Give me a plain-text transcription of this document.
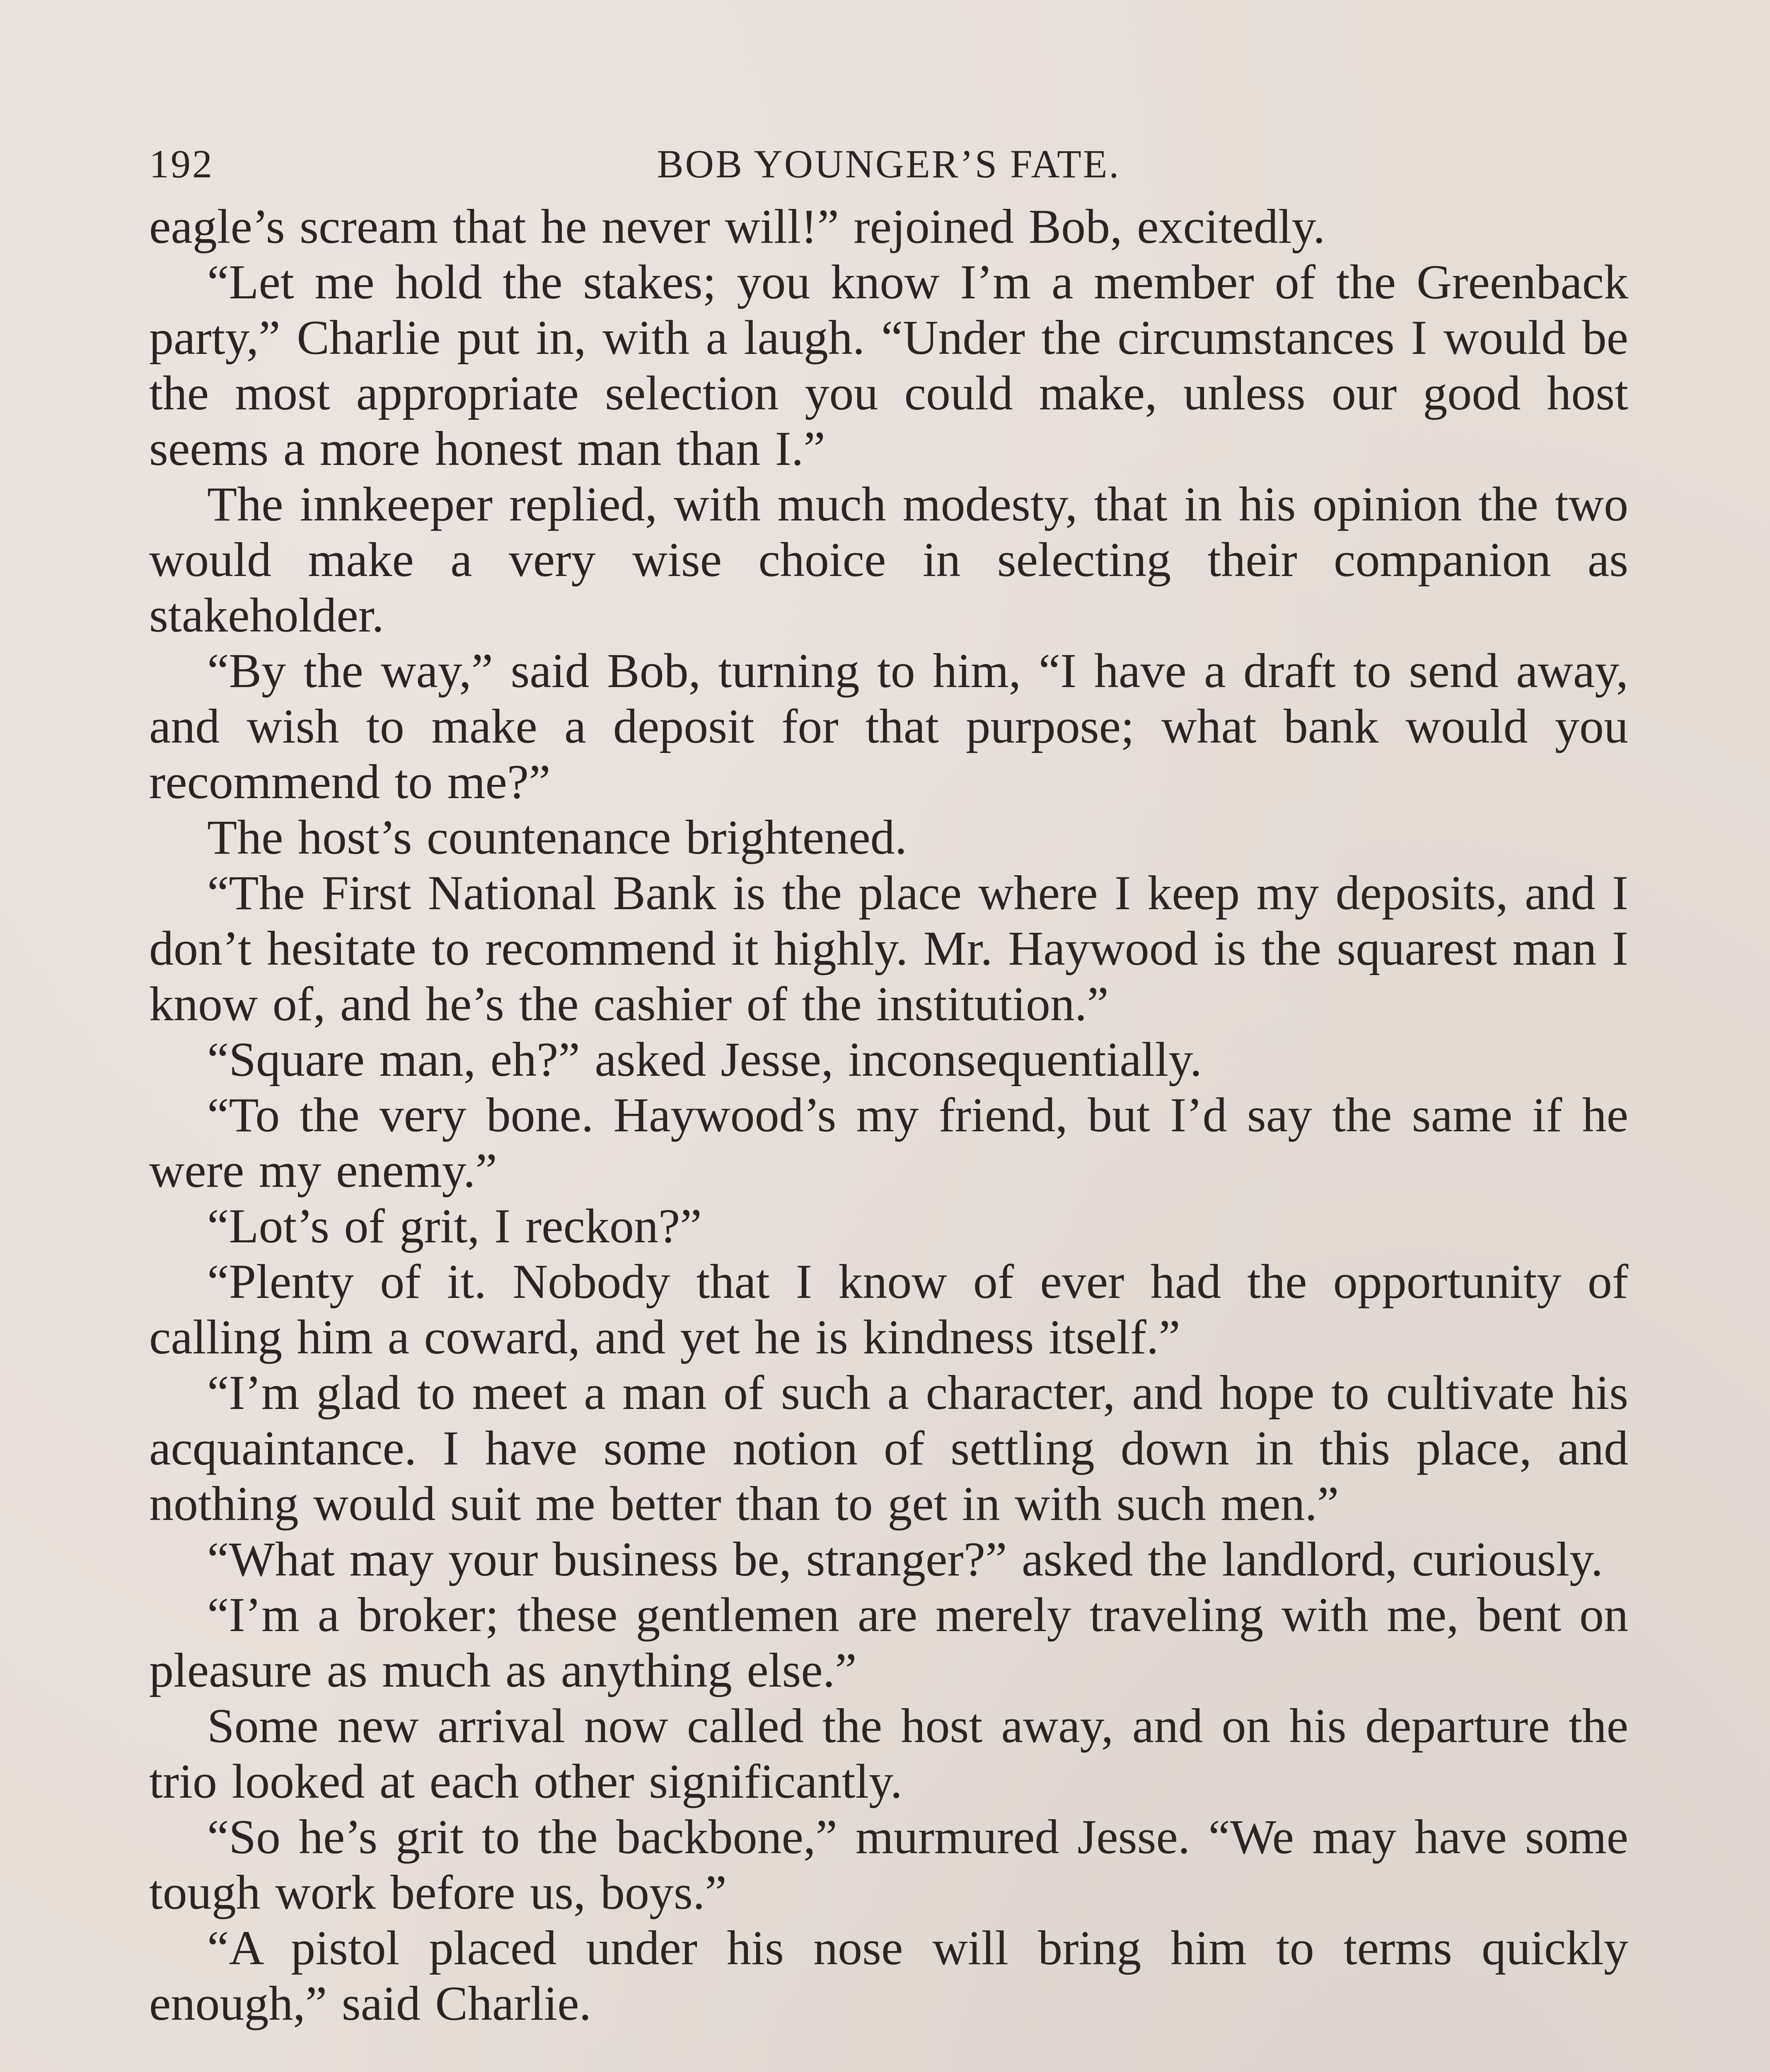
192	BOB YOUNGER’S FATE.

eagle’s scream that he never will!” rejoined Bob, excitedly.

“Let me hold the stakes; you know I’m a member of the Greenback party,” Charlie put in, with a laugh. “Under the circumstances I would be the most appropriate selection you could make, unless our good host seems a more honest man than I.”

The innkeeper replied, with much modesty, that in his opinion the two would make a very wise choice in selecting their companion as stakeholder.

“By the way,” said Bob, turning to him, “I have a draft to send away, and wish to make a deposit for that purpose; what bank would you recommend to me?”

The host’s countenance brightened.

“The First National Bank is the place where I keep my deposits, and I don’t hesitate to recommend it highly. Mr. Haywood is the squarest man I know of, and he’s the cashier of the institution.”

“Square man, eh?” asked Jesse, inconsequentially.

“To the very bone. Haywood’s my friend, but I’d say the same if he were my enemy.”

“Lot’s of grit, I reckon?”

“Plenty of it. Nobody that I know of ever had the opportunity of calling him a coward, and yet he is kindness itself.”

“I’m glad to meet a man of such a character, and hope to cultivate his acquaintance. I have some notion of settling down in this place, and nothing would suit me better than to get in with such men.”

“What may your business be, stranger?” asked the landlord, curiously.

“I’m a broker; these gentlemen are merely traveling with me, bent on pleasure as much as anything else.”

Some new arrival now called the host away, and on his departure the trio looked at each other significantly.

“So he’s grit to the backbone,” murmured Jesse. “We may have some tough work before us, boys.”

“A pistol placed under his nose will bring him to terms quickly enough,” said Charlie.
